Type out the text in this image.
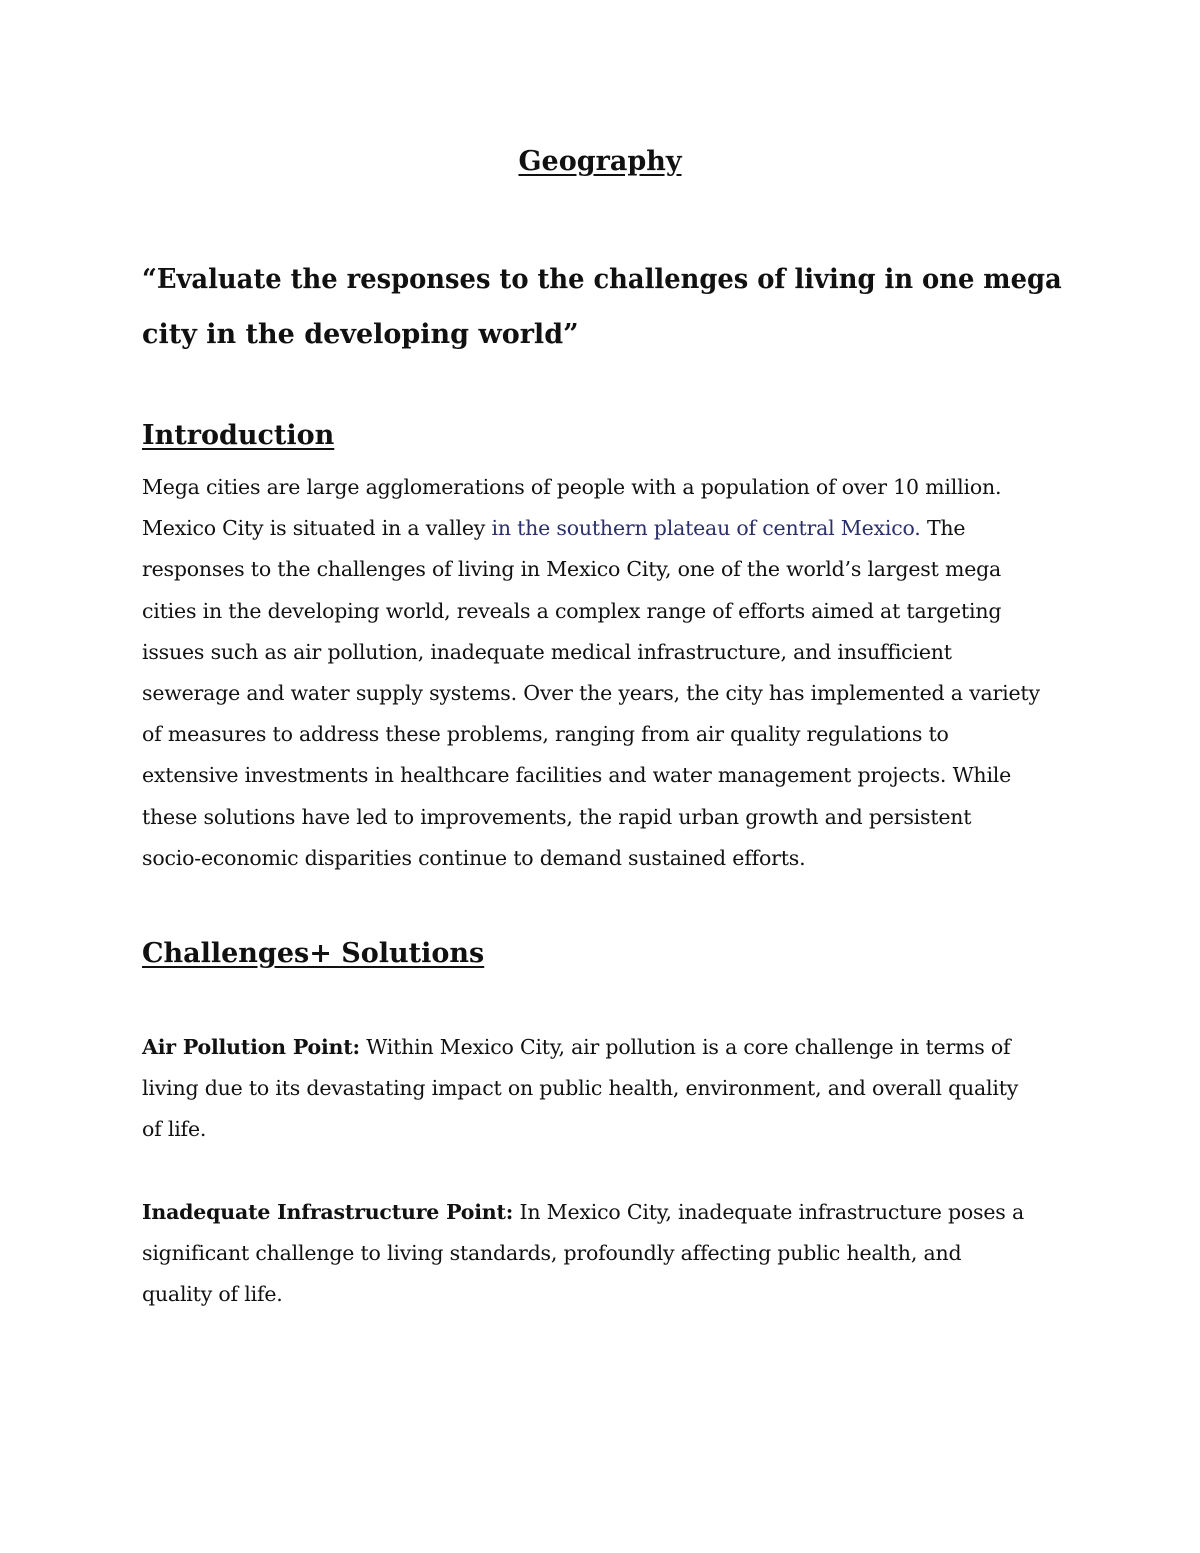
Geography
“Evaluate the responses to the challenges of living in one mega
city in the developing world”
Introduction

Mega cities are large agglomerations of people with a population of over 10 million.
Mexico City is situated in a valley in the southern plateau of central Mexico. The
responses to the challenges of living in Mexico City, one of the world’s largest mega
cities in the developing world, reveals a complex range of efforts aimed at targeting
issues such as air pollution, inadequate medical infrastructure, and insufficient
sewerage and water supply systems. Over the years, the city has implemented a variety
of measures to address these problems, ranging from air quality regulations to
extensive investments in healthcare facilities and water management projects. While
these solutions have led to improvements, the rapid urban growth and persistent
socio-economic disparities continue to demand sustained efforts.

Challenges+ Solutions

Air Pollution Point: Within Mexico City, air pollution is a core challenge in terms of
living due to its devastating impact on public health, environment, and overall quality
of life.

Inadequate Infrastructure Point: In Mexico City, inadequate infrastructure poses a
significant challenge to living standards, profoundly affecting public health, and
quality of life.
